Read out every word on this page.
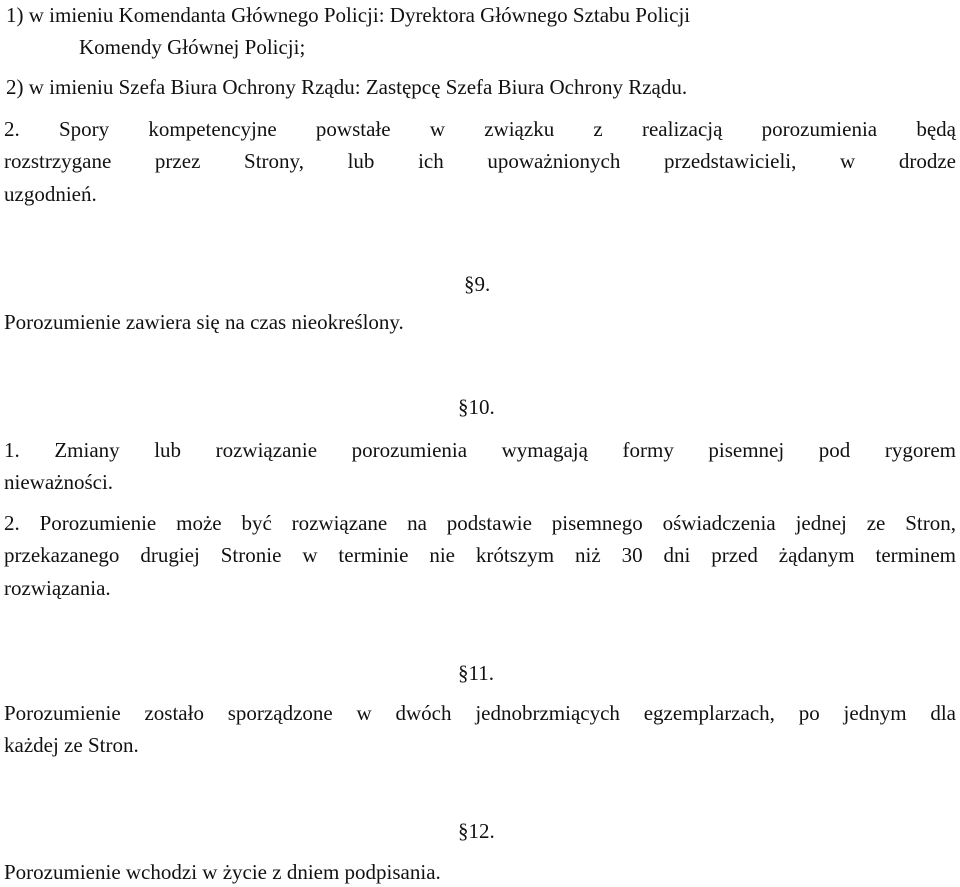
1) w imieniu Komendanta Głównego Policji: Dyrektora Głównego Sztabu Policji
Komendy Głównej Policji;
2) w imieniu Szefa Biura Ochrony Rządu: Zastępcę Szefa Biura Ochrony Rządu.
2. Spory kompetencyjne powstałe w związku z realizacją porozumienia będą
rozstrzygane przez Strony, lub ich upoważnionych przedstawicieli, w drodze
uzgodnień.
§9.
Porozumienie zawiera się na czas nieokreślony.
§10.
1. Zmiany lub rozwiązanie porozumienia wymagają formy pisemnej pod rygorem
nieważności.
2. Porozumienie może być rozwiązane na podstawie pisemnego oświadczenia jednej ze Stron,
przekazanego drugiej Stronie w terminie nie krótszym niż 30 dni przed żądanym terminem
rozwiązania.
§11.
Porozumienie zostało sporządzone w dwóch jednobrzmiących egzemplarzach, po jednym dla
każdej ze Stron.
§12.
Porozumienie wchodzi w życie z dniem podpisania.
